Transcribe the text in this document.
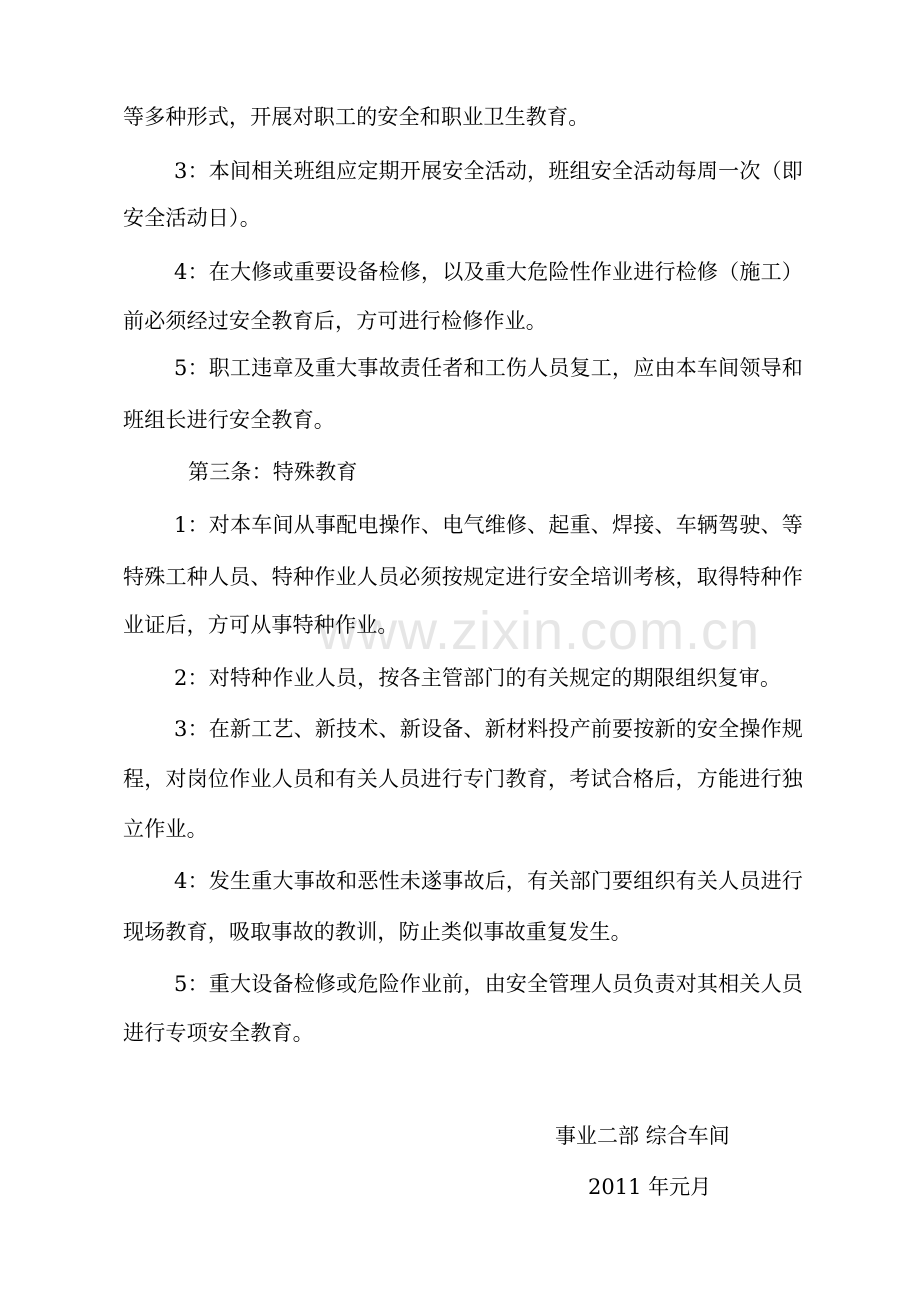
www.zixin.com.cn
等多种形式，开展对职工的安全和职业卫生教育。
3：本间相关班组应定期开展安全活动，班组安全活动每周一次（即
安全活动日）。
4：在大修或重要设备检修，以及重大危险性作业进行检修（施工）
前必须经过安全教育后，方可进行检修作业。
5：职工违章及重大事故责任者和工伤人员复工，应由本车间领导和
班组长进行安全教育。
第三条：特殊教育
1：对本车间从事配电操作、电气维修、起重、焊接、车辆驾驶、等
特殊工种人员、特种作业人员必须按规定进行安全培训考核，取得特种作
业证后，方可从事特种作业。
2：对特种作业人员，按各主管部门的有关规定的期限组织复审。
3：在新工艺、新技术、新设备、新材料投产前要按新的安全操作规
程，对岗位作业人员和有关人员进行专门教育，考试合格后，方能进行独
立作业。
4：发生重大事故和恶性未遂事故后，有关部门要组织有关人员进行
现场教育，吸取事故的教训，防止类似事故重复发生。
5：重大设备检修或危险作业前，由安全管理人员负责对其相关人员
进行专项安全教育。
事业二部 综合车间
2011 年元月
